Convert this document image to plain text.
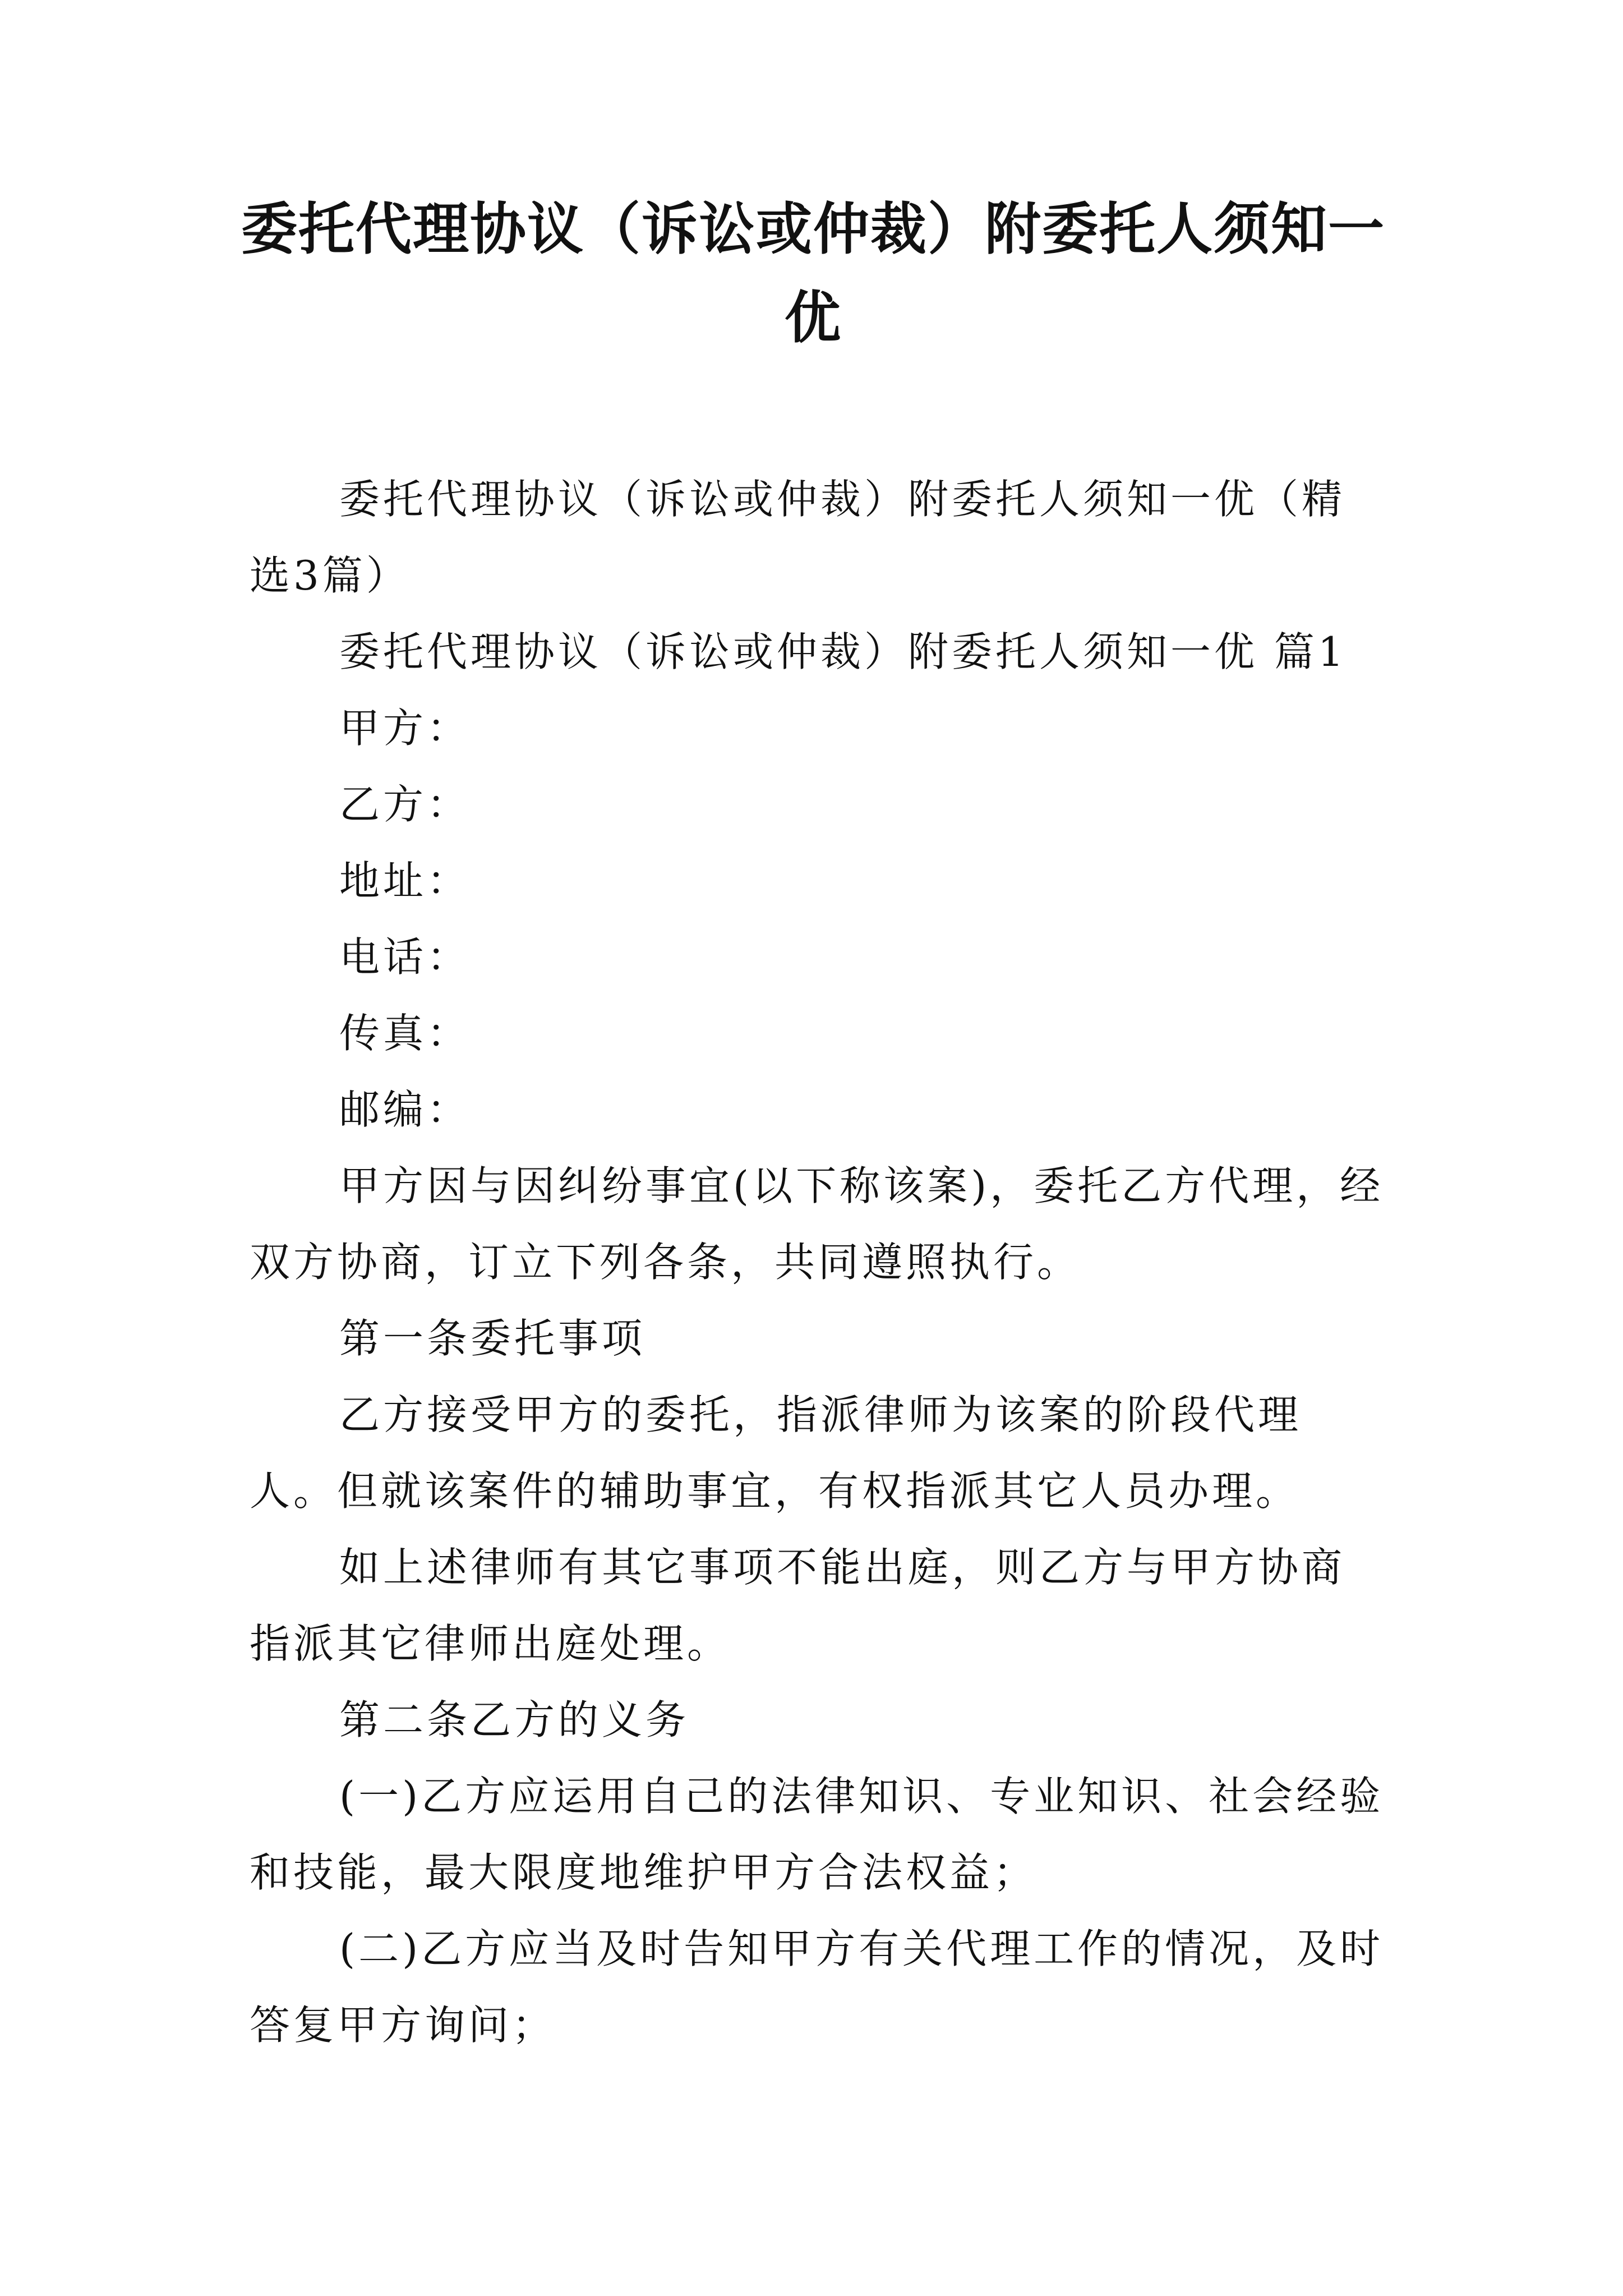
委托代理协议（诉讼或仲裁）附委托人须知一优

委托代理协议（诉讼或仲裁）附委托人须知一优（精选3篇）

委托代理协议（诉讼或仲裁）附委托人须知一优 篇1

甲方：

乙方：

地址：

电话：

传真：

邮编：

甲方因与因纠纷事宜(以下称该案)，委托乙方代理，经双方协商，订立下列各条，共同遵照执行。

第一条委托事项

乙方接受甲方的委托，指派律师为该案的阶段代理人。但就该案件的辅助事宜，有权指派其它人员办理。

如上述律师有其它事项不能出庭，则乙方与甲方协商指派其它律师出庭处理。

第二条乙方的义务

(一)乙方应运用自己的法律知识、专业知识、社会经验和技能，最大限度地维护甲方合法权益；

(二)乙方应当及时告知甲方有关代理工作的情况，及时答复甲方询问；
